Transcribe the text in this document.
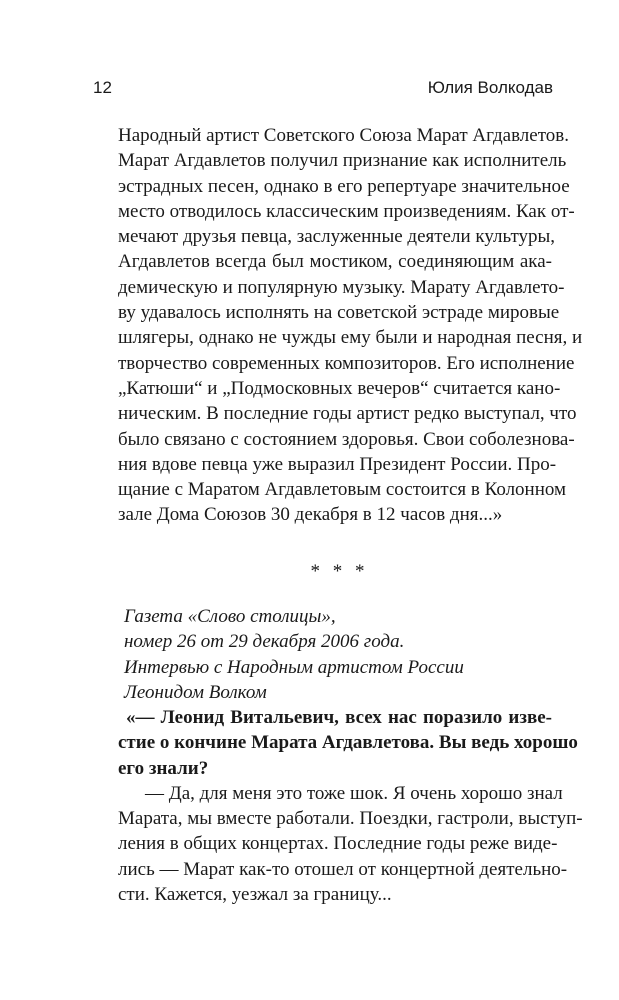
12	Юлия Волкодав
Народный артист Советского Союза Марат Агдавлетов.
Марат Агдавлетов получил признание как исполнитель
эстрадных песен, однако в его репертуаре значительное
место отводилось классическим произведениям. Как от-
мечают друзья певца, заслуженные деятели культуры,
Агдавлетов всегда был мостиком, соединяющим ака-
демическую и популярную музыку. Марату Агдавлето-
ву удавалось исполнять на советской эстраде мировые
шлягеры, однако не чужды ему были и народная песня, и
творчество современных композиторов. Его исполнение
„Катюши“ и „Подмосковных вечеров“ считается кано-
ническим. В последние годы артист редко выступал, что
было связано с состоянием здоровья. Свои соболезнова-
ния вдове певца уже выразил Президент России. Про-
щание с Маратом Агдавлетовым состоится в Колонном
зале Дома Союзов 30 декабря в 12 часов дня...»
* * *
Газета «Слово столицы»,
номер 26 от 29 декабря 2006 года.
Интервью с Народным артистом России
Леонидом Волком
«— Леонид Витальевич, всех нас поразило изве-
стие о кончине Марата Агдавлетова. Вы ведь хорошо
его знали?
— Да, для меня это тоже шок. Я очень хорошо знал
Марата, мы вместе работали. Поездки, гастроли, выступ-
ления в общих концертах. Последние годы реже виде-
лись — Марат как-то отошел от концертной деятельно-
сти. Кажется, уезжал за границу...
